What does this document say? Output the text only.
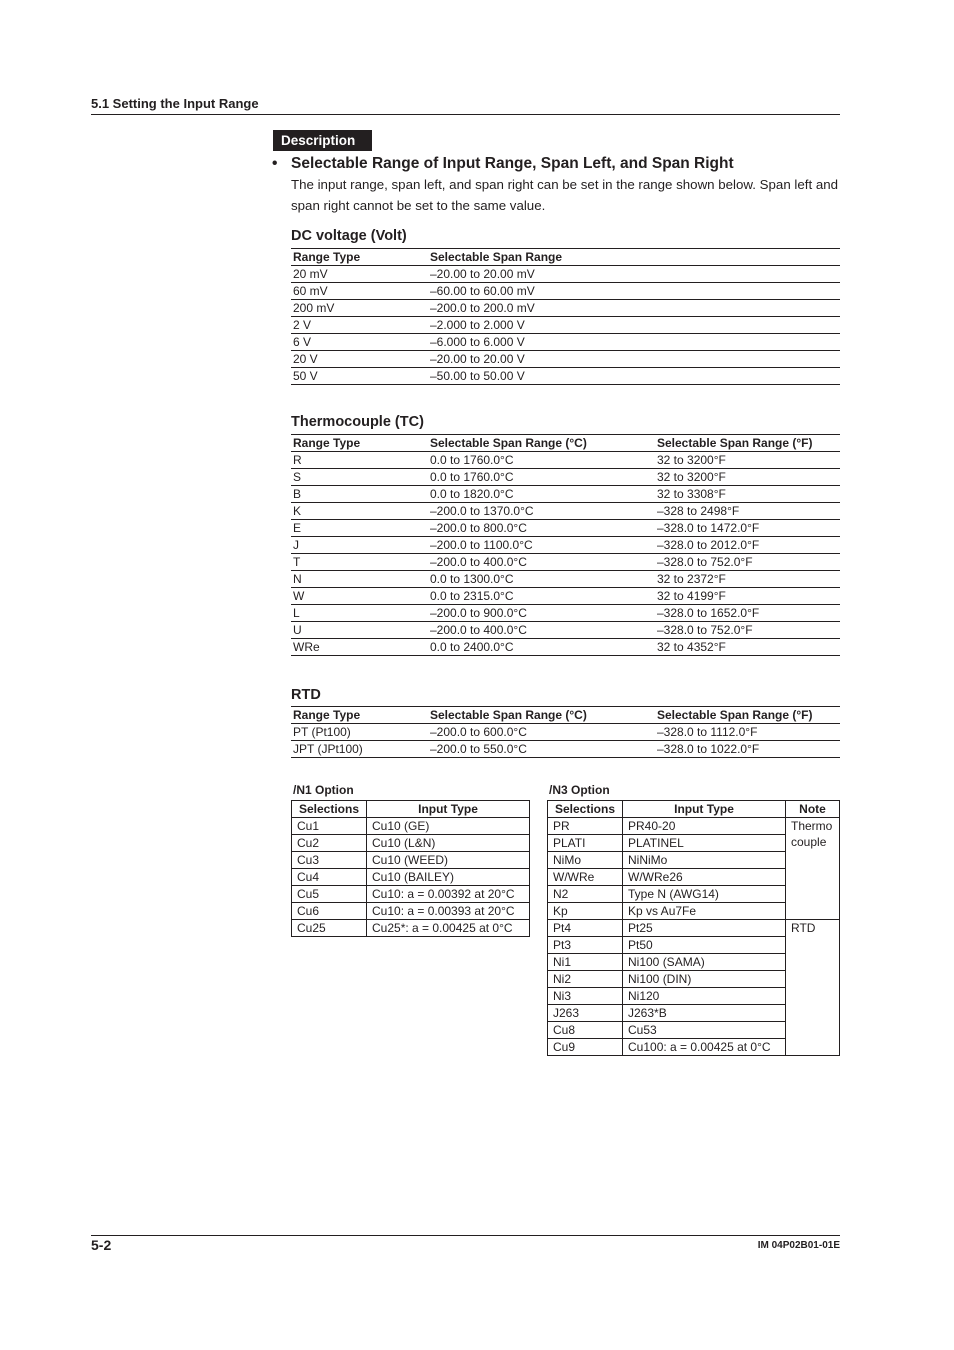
5.1 Setting the Input Range
Description
• Selectable Range of Input Range, Span Left, and Span Right
The input range, span left, and span right can be set in the range shown below. Span left and span right cannot be set to the same value.
DC voltage (Volt)
Range Type	Selectable Span Range
20 mV	–20.00 to 20.00 mV
60 mV	–60.00 to 60.00 mV
200 mV	–200.0 to 200.0 mV
2 V	–2.000 to 2.000 V
6 V	–6.000 to 6.000 V
20 V	–20.00 to 20.00 V
50 V	–50.00 to 50.00 V
Thermocouple (TC)
Range Type	Selectable Span Range (°C)	Selectable Span Range (°F)
R	0.0 to 1760.0°C	32 to 3200°F
S	0.0 to 1760.0°C	32 to 3200°F
B	0.0 to 1820.0°C	32 to 3308°F
K	–200.0 to 1370.0°C	–328 to 2498°F
E	–200.0 to 800.0°C	–328.0 to 1472.0°F
J	–200.0 to 1100.0°C	–328.0 to 2012.0°F
T	–200.0 to 400.0°C	–328.0 to 752.0°F
N	0.0 to 1300.0°C	32 to 2372°F
W	0.0 to 2315.0°C	32 to 4199°F
L	–200.0 to 900.0°C	–328.0 to 1652.0°F
U	–200.0 to 400.0°C	–328.0 to 752.0°F
WRe	0.0 to 2400.0°C	32 to 4352°F
RTD
Range Type	Selectable Span Range (°C)	Selectable Span Range (°F)
PT (Pt100)	–200.0 to 600.0°C	–328.0 to 1112.0°F
JPT (JPt100)	–200.0 to 550.0°C	–328.0 to 1022.0°F
/N1 Option
Selections	Input Type
Cu1	Cu10 (GE)
Cu2	Cu10 (L&N)
Cu3	Cu10 (WEED)
Cu4	Cu10 (BAILEY)
Cu5	Cu10: a = 0.00392 at 20°C
Cu6	Cu10: a = 0.00393 at 20°C
Cu25	Cu25*: a = 0.00425 at 0°C
/N3 Option
Selections	Input Type	Note
PR	PR40-20	Thermo couple
PLATI	PLATINEL	
NiMo	NiNiMo	
W/WRe	W/WRe26	
N2	Type N (AWG14)	
Kp	Kp vs Au7Fe	
Pt4	Pt25	RTD
Pt3	Pt50	
Ni1	Ni100 (SAMA)	
Ni2	Ni100 (DIN)	
Ni3	Ni120	
J263	J263*B	
Cu8	Cu53	
Cu9	Cu100: a = 0.00425 at 0°C	
5-2	IM 04P02B01-01E
